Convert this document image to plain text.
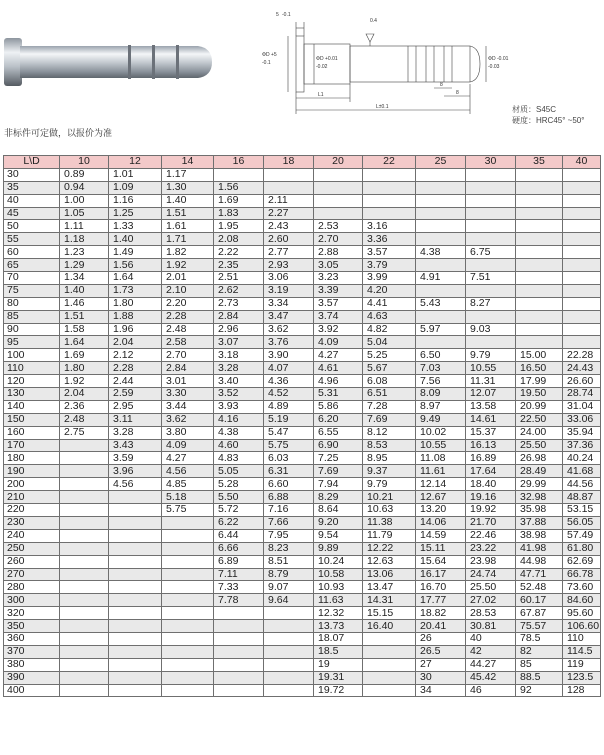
5 -0.1
0.4
ΦD +5
-0.1
ΦD +0.01
-0.02
ΦD -0.01
-0.03
L1
L±0.1
8
8
材质：S45C
硬度：HRC45° ~50°
非标件可定做，以报价为准
L\D	10	12	14	16	18	20	22	25	30	35	40
30	0.89	1.01	1.17								
35	0.94	1.09	1.30	1.56							
40	1.00	1.16	1.40	1.69	2.11						
45	1.05	1.25	1.51	1.83	2.27						
50	1.11	1.33	1.61	1.95	2.43	2.53	3.16				
55	1.18	1.40	1.71	2.08	2.60	2.70	3.36				
60	1.23	1.49	1.82	2.22	2.77	2.88	3.57	4.38	6.75		
65	1.29	1.56	1.92	2.35	2.93	3.05	3.79				
70	1.34	1.64	2.01	2.51	3.06	3.23	3.99	4.91	7.51		
75	1.40	1.73	2.10	2.62	3.19	3.39	4.20				
80	1.46	1.80	2.20	2.73	3.34	3.57	4.41	5.43	8.27		
85	1.51	1.88	2.28	2.84	3.47	3.74	4.63				
90	1.58	1.96	2.48	2.96	3.62	3.92	4.82	5.97	9.03		
95	1.64	2.04	2.58	3.07	3.76	4.09	5.04				
100	1.69	2.12	2.70	3.18	3.90	4.27	5.25	6.50	9.79	15.00	22.28
110	1.80	2.28	2.84	3.28	4.07	4.61	5.67	7.03	10.55	16.50	24.43
120	1.92	2.44	3.01	3.40	4.36	4.96	6.08	7.56	11.31	17.99	26.60
130	2.04	2.59	3.30	3.52	4.52	5.31	6.51	8.09	12.07	19.50	28.74
140	2.36	2.95	3.44	3.93	4.89	5.86	7.28	8.97	13.58	20.99	31.04
150	2.48	3.11	3.62	4.16	5.19	6.20	7.69	9.49	14.61	22.50	33.06
160	2.75	3.28	3.80	4.38	5.47	6.55	8.12	10.02	15.37	24.00	35.94
170		3.43	4.09	4.60	5.75	6.90	8.53	10.55	16.13	25.50	37.36
180		3.59	4.27	4.83	6.03	7.25	8.95	11.08	16.89	26.98	40.24
190		3.96	4.56	5.05	6.31	7.69	9.37	11.61	17.64	28.49	41.68
200		4.56	4.85	5.28	6.60	7.94	9.79	12.14	18.40	29.99	44.56
210			5.18	5.50	6.88	8.29	10.21	12.67	19.16	32.98	48.87
220			5.75	5.72	7.16	8.64	10.63	13.20	19.92	35.98	53.15
230				6.22	7.66	9.20	11.38	14.06	21.70	37.88	56.05
240				6.44	7.95	9.54	11.79	14.59	22.46	38.98	57.49
250				6.66	8.23	9.89	12.22	15.11	23.22	41.98	61.80
260				6.89	8.51	10.24	12.63	15.64	23.98	44.98	62.69
270				7.11	8.79	10.58	13.06	16.17	24.74	47.71	66.78
280				7.33	9.07	10.93	13.47	16.70	25.50	52.48	73.60
300				7.78	9.64	11.63	14.31	17.77	27.02	60.17	84.60
320						12.32	15.15	18.82	28.53	67.87	95.60
350						13.73	16.40	20.41	30.81	75.57	106.60
360						18.07		26	40	78.5	110
370						18.5		26.5	42	82	114.5
380						19		27	44.27	85	119
390						19.31		30	45.42	88.5	123.5
400						19.72		34	46	92	128
